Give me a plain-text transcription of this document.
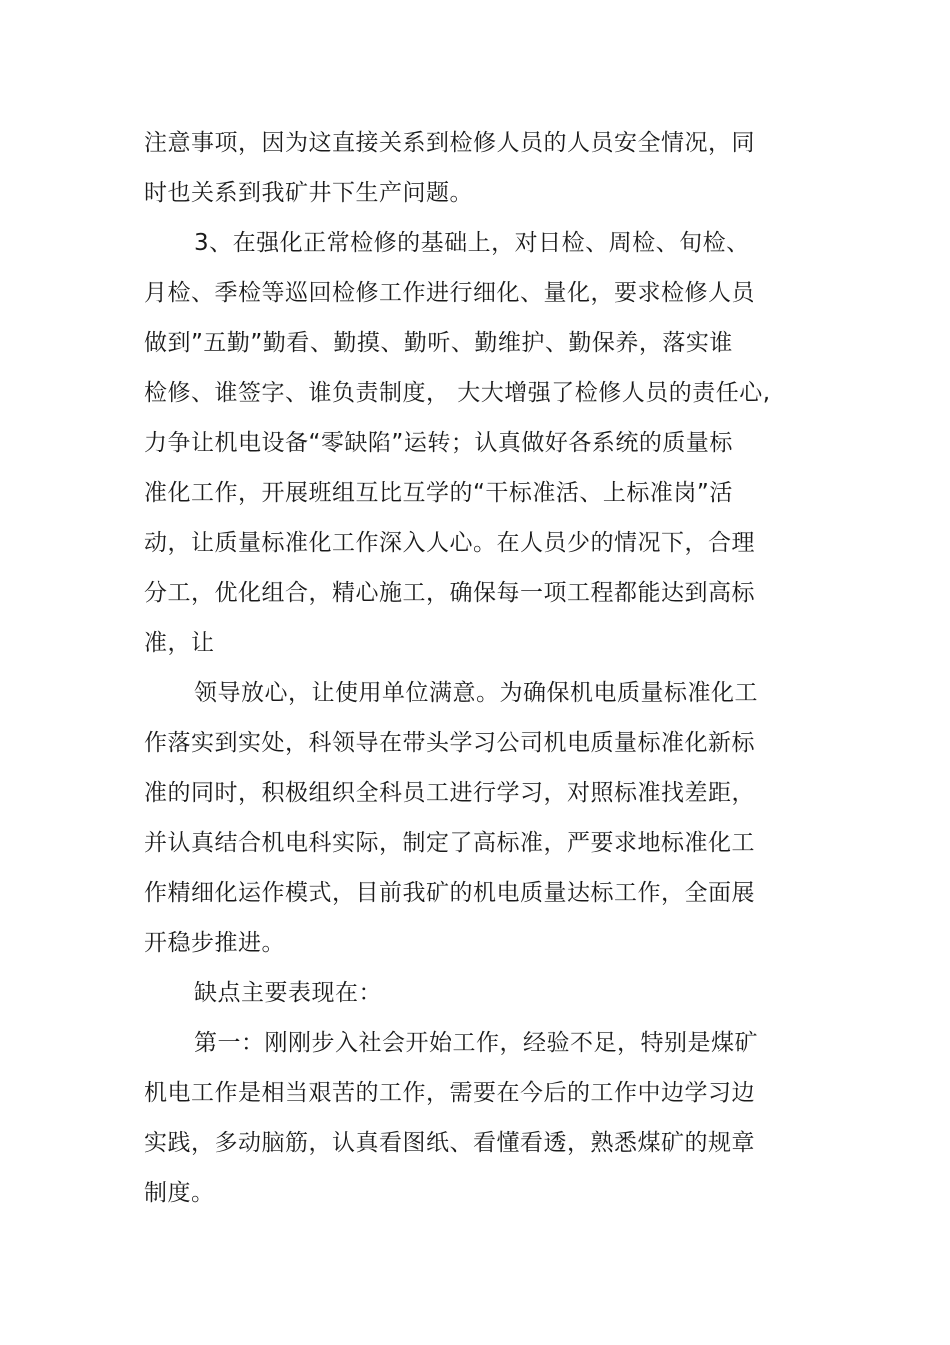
注意事项，因为这直接关系到检修人员的人员安全情况，同
时也关系到我矿井下生产问题。
3、在强化正常检修的基础上，对日检、周检、旬检、
月检、季检等巡回检修工作进行细化、量化，要求检修人员
做到”五勤”勤看、勤摸、勤听、勤维护、勤保养，落实谁
检修、谁签字、谁负责制度， 大大增强了检修人员的责任心,
力争让机电设备“零缺陷”运转；认真做好各系统的质量标
准化工作，开展班组互比互学的“干标准活、上标准岗”活
动，让质量标准化工作深入人心。在人员少的情况下，合理
分工，优化组合，精心施工，确保每一项工程都能达到高标
准，让
领导放心，让使用单位满意。为确保机电质量标准化工
作落实到实处，科领导在带头学习公司机电质量标准化新标
准的同时，积极组织全科员工进行学习，对照标准找差距，
并认真结合机电科实际，制定了高标准，严要求地标准化工
作精细化运作模式，目前我矿的机电质量达标工作，全面展
开稳步推进。
缺点主要表现在：
第一：刚刚步入社会开始工作，经验不足，特别是煤矿
机电工作是相当艰苦的工作，需要在今后的工作中边学习边
实践，多动脑筋，认真看图纸、看懂看透，熟悉煤矿的规章
制度。
